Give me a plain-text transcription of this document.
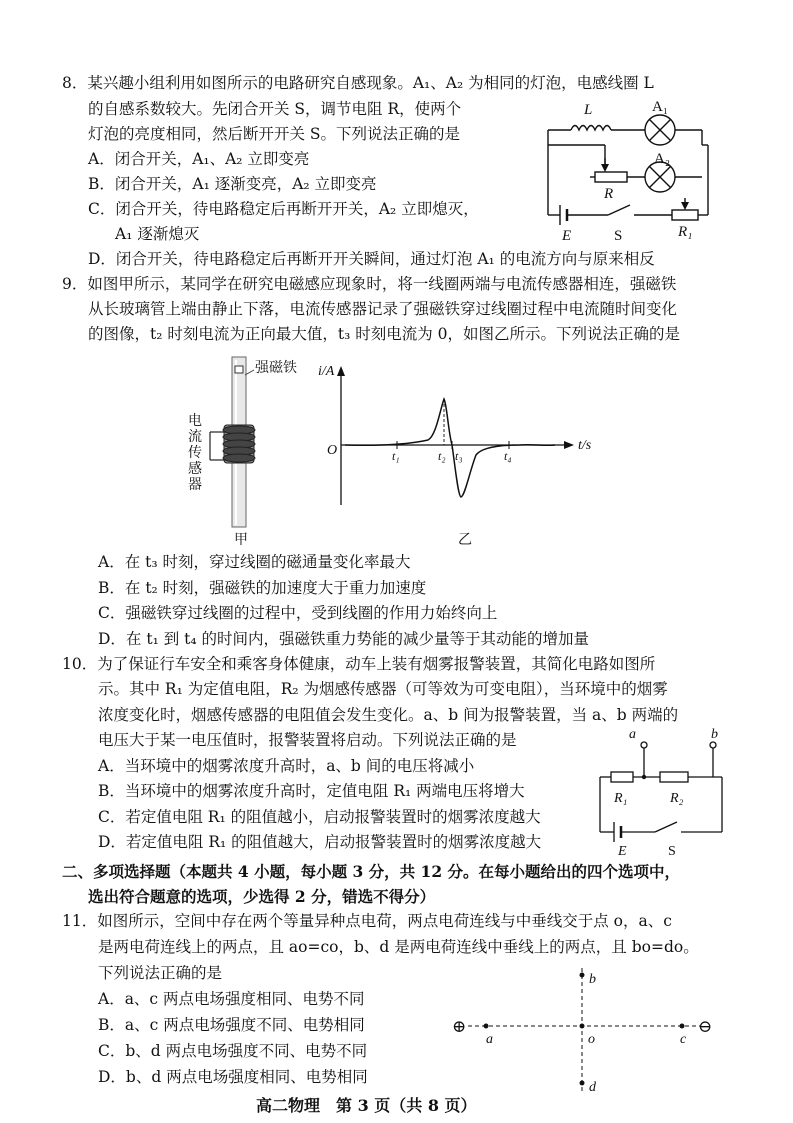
8．某兴趣小组利用如图所示的电路研究自感现象。A₁、A₂ 为相同的灯泡，电感线圈 L
的自感系数较大。先闭合开关 S，调节电阻 R，使两个
灯泡的亮度相同，然后断开开关 S。下列说法正确的是
A．闭合开关，A₁、A₂ 立即变亮
B．闭合开关，A₁ 逐渐变亮，A₂ 立即变亮
C．闭合开关，待电路稳定后再断开开关，A₂ 立即熄灭，
A₁ 逐渐熄灭
D．闭合开关，待电路稳定后再断开开关瞬间，通过灯泡 A₁ 的电流方向与原来相反
L	A₁
A₂
R
E	S	R₁
9．如图甲所示，某同学在研究电磁感应现象时，将一线圈两端与电流传感器相连，强磁铁
从长玻璃管上端由静止下落，电流传感器记录了强磁铁穿过线圈过程中电流随时间变化
的图像，t₂ 时刻电流为正向最大值，t₃ 时刻电流为 0，如图乙所示。下列说法正确的是
强磁铁
电
流
传
感
器
甲
i/A
t/s
O	t₁	t₂ t₃	t₄
乙
A．在 t₃ 时刻，穿过线圈的磁通量变化率最大
B．在 t₂ 时刻，强磁铁的加速度大于重力加速度
C．强磁铁穿过线圈的过程中，受到线圈的作用力始终向上
D．在 t₁ 到 t₄ 的时间内，强磁铁重力势能的减少量等于其动能的增加量
10．为了保证行车安全和乘客身体健康，动车上装有烟雾报警装置，其简化电路如图所
示。其中 R₁ 为定值电阻，R₂ 为烟感传感器（可等效为可变电阻），当环境中的烟雾
浓度变化时，烟感传感器的电阻值会发生变化。a、b 间为报警装置，当 a、b 两端的
电压大于某一电压值时，报警装置将启动。下列说法正确的是
A．当环境中的烟雾浓度升高时，a、b 间的电压将减小
B．当环境中的烟雾浓度升高时，定值电阻 R₁ 两端电压将增大
C．若定值电阻 R₁ 的阻值越小，启动报警装置时的烟雾浓度越大
D．若定值电阻 R₁ 的阻值越大，启动报警装置时的烟雾浓度越大
a	b
R₁	R₂
E	S
二、多项选择题（本题共 4 小题，每小题 3 分，共 12 分。在每小题给出的四个选项中，
选出符合题意的选项，少选得 2 分，错选不得分）
11．如图所示，空间中存在两个等量异种点电荷，两点电荷连线与中垂线交于点 o，a、c
是两电荷连线上的两点，且 ao=co，b、d 是两电荷连线中垂线上的两点，且 bo=do。
下列说法正确的是
A．a、c 两点电场强度相同、电势不同
B．a、c 两点电场强度不同、电势相同
C．b、d 两点电场强度不同、电势不同
D．b、d 两点电场强度相同、电势相同
⊕	⊖
a	o	c
b
d
高二物理　第 3 页（共 8 页）
